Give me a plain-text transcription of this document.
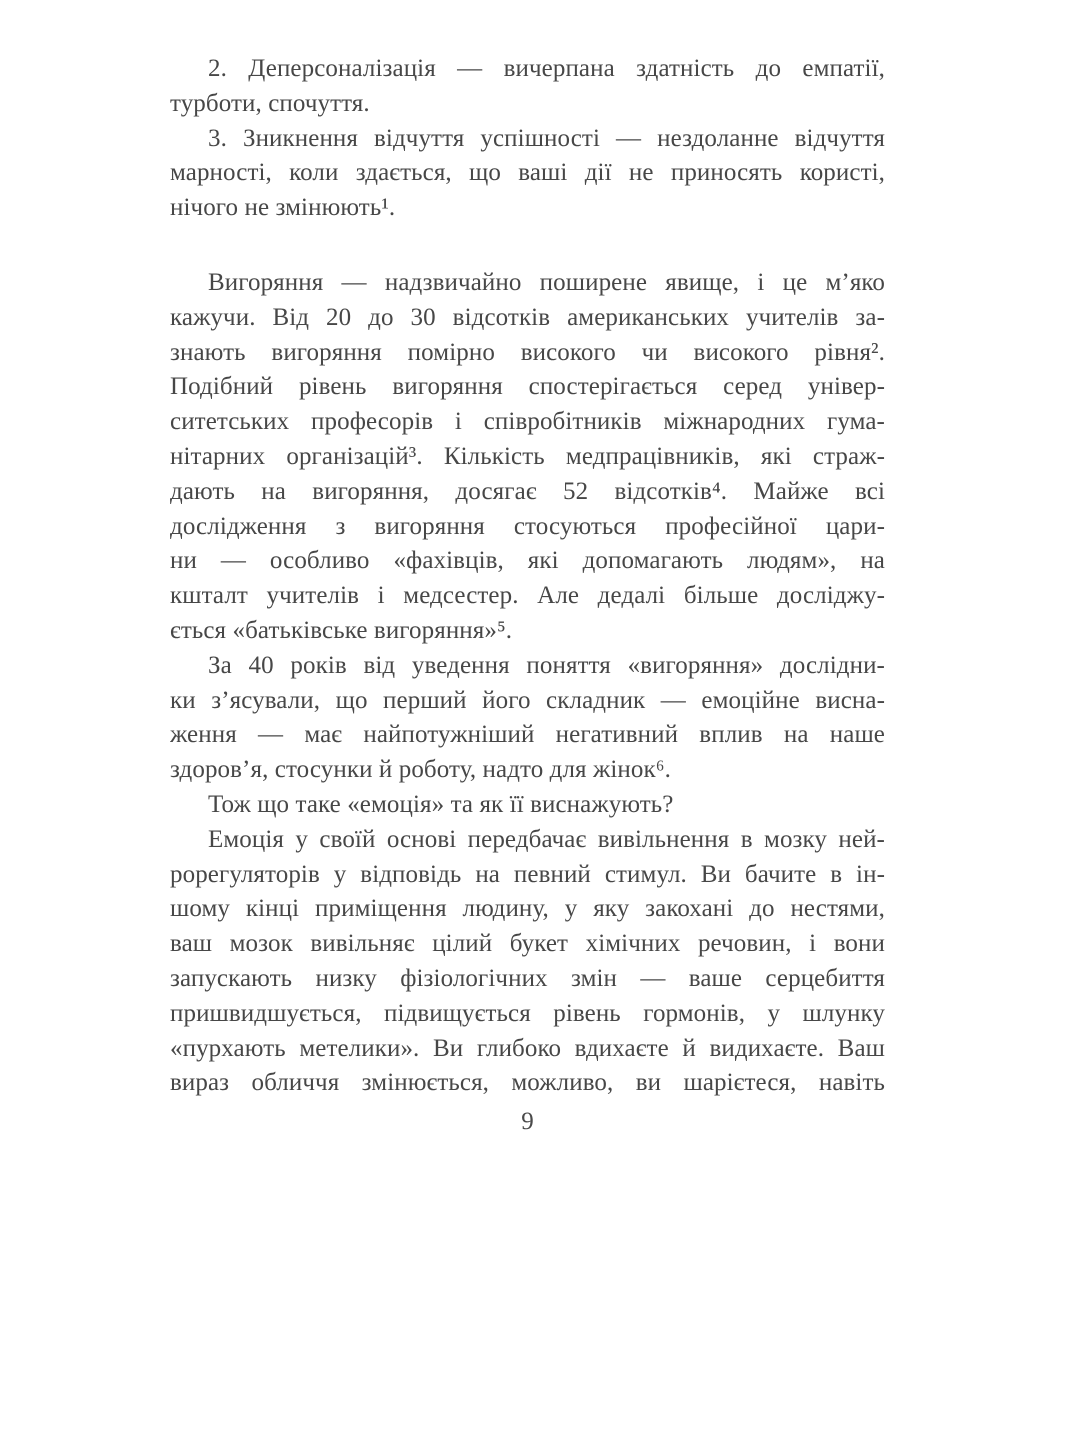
2. Деперсоналізація — вичерпана здатність до емпатії,
турботи, спочуття.
3. Зникнення відчуття успішності — нездоланне відчуття
марності, коли здається, що ваші дії не приносять користі,
нічого не змінюють¹.
Вигоряння — надзвичайно поширене явище, і це м’яко
кажучи. Від 20 до 30 відсотків американських учителів за-
знають вигоряння помірно високого чи високого рівня².
Подібний рівень вигоряння спостерігається серед універ-
ситетських професорів і співробітників міжнародних гума-
нітарних організацій³. Кількість медпрацівників, які страж-
дають на вигоряння, досягає 52 відсотків⁴. Майже всі
дослідження з вигоряння стосуються професійної цари-
ни — особливо «фахівців, які допомагають людям», на
кшталт учителів і медсестер. Але дедалі більше досліджу-
ється «батьківське вигоряння»⁵.
За 40 років від уведення поняття «вигоряння» дослідни-
ки з’ясували, що перший його складник — емоційне висна-
ження — має найпотужніший негативний вплив на наше
здоров’я, стосунки й роботу, надто для жінок⁶.
Тож що таке «емоція» та як її виснажують?
Емоція у своїй основі передбачає вивільнення в мозку ней-
рорегуляторів у відповідь на певний стимул. Ви бачите в ін-
шому кінці приміщення людину, у яку закохані до нестями,
ваш мозок вивільняє цілий букет хімічних речовин, і вони
запускають низку фізіологічних змін — ваше серцебиття
пришвидшується, підвищується рівень гормонів, у шлунку
«пурхають метелики». Ви глибоко вдихаєте й видихаєте. Ваш
вираз обличчя змінюється, можливо, ви шарієтеся, навіть
9
